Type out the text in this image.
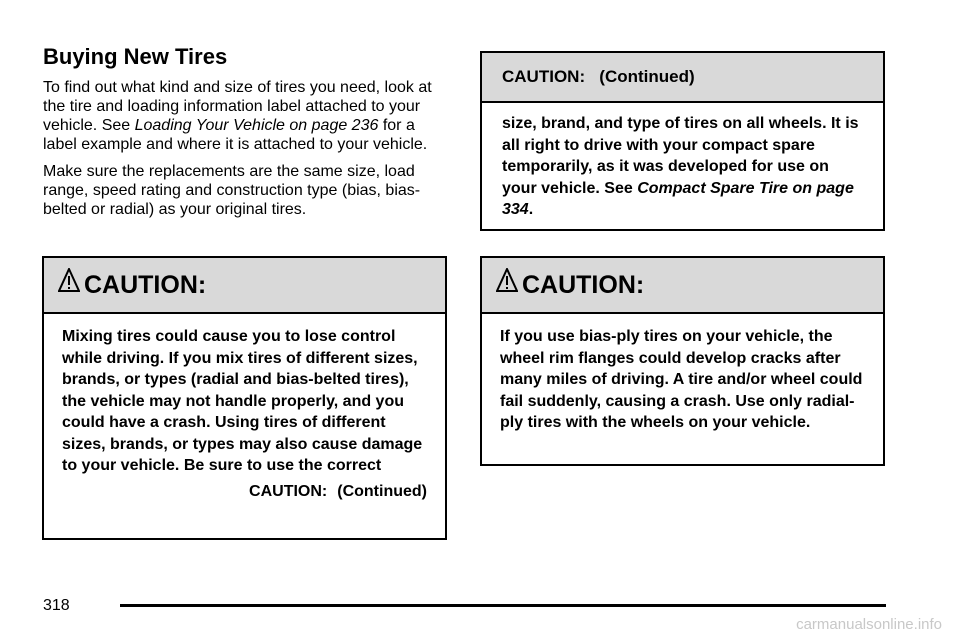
Buying New Tires

To find out what kind and size of tires you need, look at the tire and loading information label attached to your vehicle. See Loading Your Vehicle on page 236 for a label example and where it is attached to your vehicle.

Make sure the replacements are the same size, load range, speed rating and construction type (bias, bias-belted or radial) as your original tires.

CAUTION:
Mixing tires could cause you to lose control while driving. If you mix tires of different sizes, brands, or types (radial and bias-belted tires), the vehicle may not handle properly, and you could have a crash. Using tires of different sizes, brands, or types may also cause damage to your vehicle. Be sure to use the correct
CAUTION: (Continued)
CAUTION: (Continued)
size, brand, and type of tires on all wheels. It is all right to drive with your compact spare temporarily, as it was developed for use on your vehicle. See Compact Spare Tire on page 334.
CAUTION:
If you use bias-ply tires on your vehicle, the wheel rim flanges could develop cracks after many miles of driving. A tire and/or wheel could fail suddenly, causing a crash. Use only radial-ply tires with the wheels on your vehicle.
318
carmanualsonline.info
